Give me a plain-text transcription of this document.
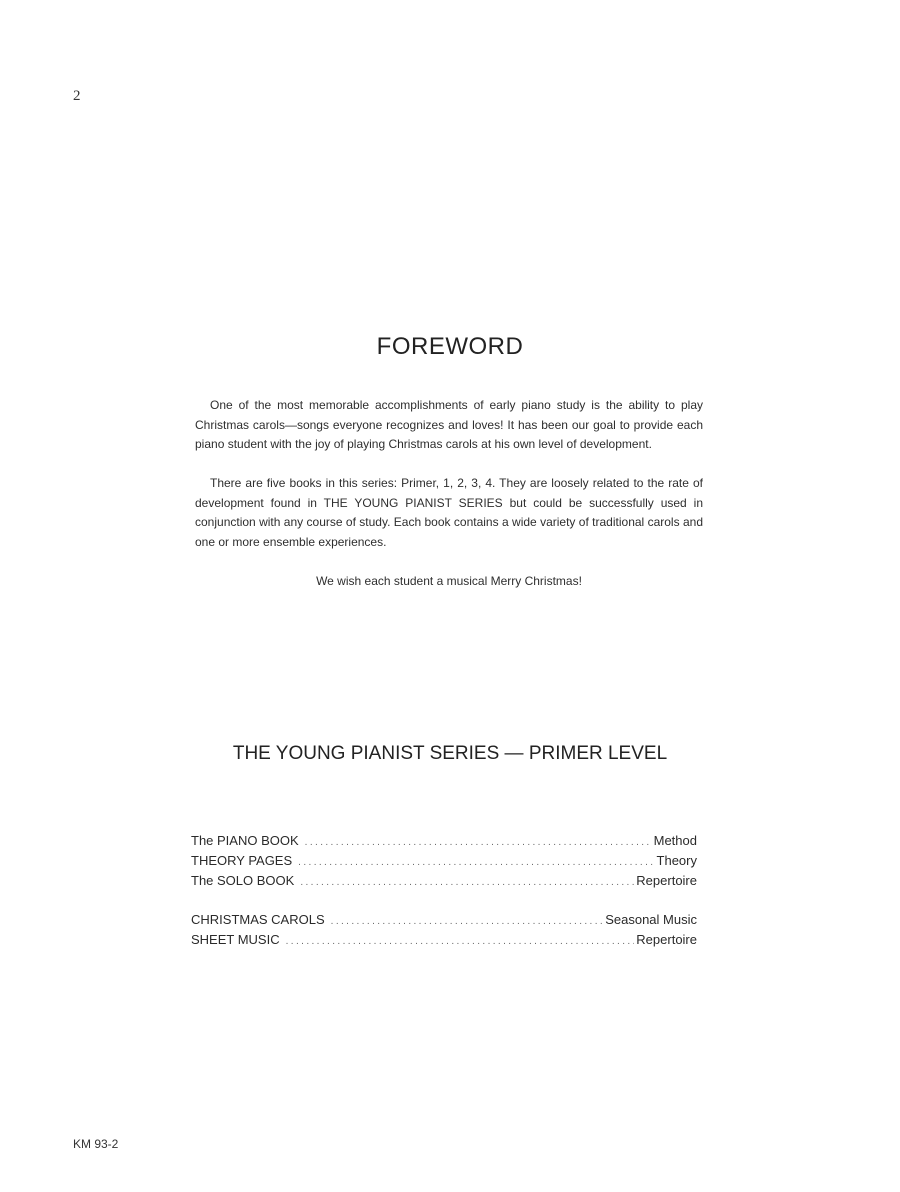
2
FOREWORD

One of the most memorable accomplishments of early piano study is the ability to play Christmas carols—songs everyone recognizes and loves! It has been our goal to provide each piano student with the joy of playing Christmas carols at his own level of development.

There are five books in this series: Primer, 1, 2, 3, 4. They are loosely related to the rate of development found in THE YOUNG PIANIST SERIES but could be successfully used in conjunction with any course of study. Each book contains a wide variety of traditional carols and one or more ensemble experiences.

We wish each student a musical Merry Christmas!

THE YOUNG PIANIST SERIES — PRIMER LEVEL
The PIANO BOOK .....	Method
THEORY PAGES .....	Theory
The SOLO BOOK .....	Repertoire
CHRISTMAS CAROLS .....	Seasonal Music
SHEET MUSIC .....	Repertoire
KM 93-2
